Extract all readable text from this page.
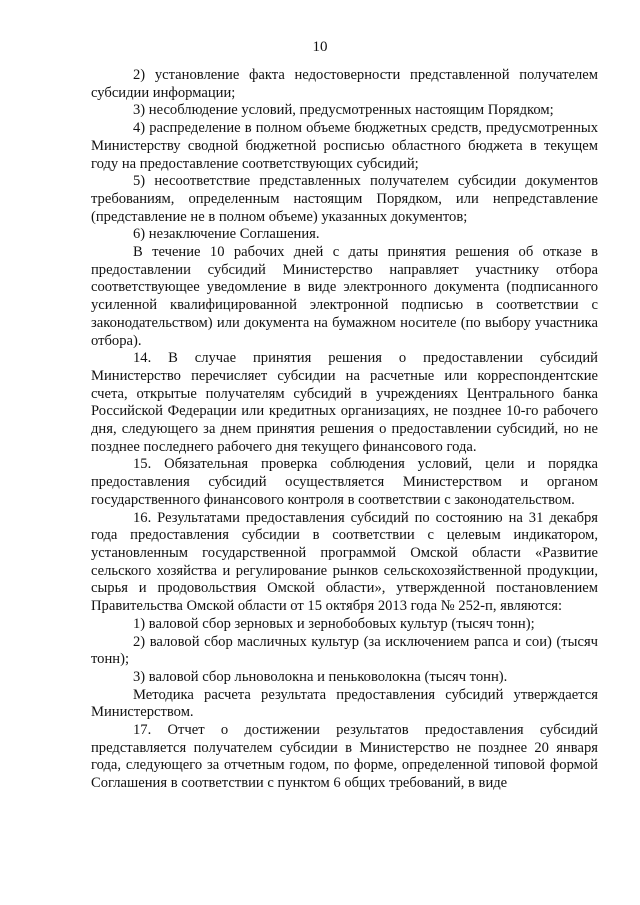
10

2) установление факта недостоверности представленной получателем субсидии информации;

3) несоблюдение условий, предусмотренных настоящим Порядком;

4) распределение в полном объеме бюджетных средств, предусмотренных Министерству сводной бюджетной росписью областного бюджета в текущем году на предоставление соответствующих субсидий;

5) несоответствие представленных получателем субсидии документов требованиям, определенным настоящим Порядком, или непредставление (представление не в полном объеме) указанных документов;

6) незаключение Соглашения.

В течение 10 рабочих дней с даты принятия решения об отказе в предоставлении субсидий Министерство направляет участнику отбора соответствующее уведомление в виде электронного документа (подписанного усиленной квалифицированной электронной подписью в соответствии с законодательством) или документа на бумажном носителе (по выбору участника отбора).

14. В случае принятия решения о предоставлении субсидий Министерство перечисляет субсидии на расчетные или корреспондентские счета, открытые получателям субсидий в учреждениях Центрального банка Российской Федерации или кредитных организациях, не позднее 10-го рабочего дня, следующего за днем принятия решения о предоставлении субсидий, но не позднее последнего рабочего дня текущего финансового года.

15. Обязательная проверка соблюдения условий, цели и порядка предоставления субсидий осуществляется Министерством и органом государственного финансового контроля в соответствии с законодательством.

16. Результатами предоставления субсидий по состоянию на 31 декабря года предоставления субсидии в соответствии с целевым индикатором, установленным государственной программой Омской области «Развитие сельского хозяйства и регулирование рынков сельскохозяйственной продукции, сырья и продовольствия Омской области», утвержденной постановлением Правительства Омской области от 15 октября 2013 года № 252-п, являются:

1) валовой сбор зерновых и зернобобовых культур (тысяч тонн);

2) валовой сбор масличных культур (за исключением рапса и сои) (тысяч тонн);

3) валовой сбор льноволокна и пеньковолокна (тысяч тонн).

Методика расчета результата предоставления субсидий утверждается Министерством.

17. Отчет о достижении результатов предоставления субсидий представляется получателем субсидии в Министерство не позднее 20 января года, следующего за отчетным годом, по форме, определенной типовой формой Соглашения в соответствии с пунктом 6 общих требований, в виде
